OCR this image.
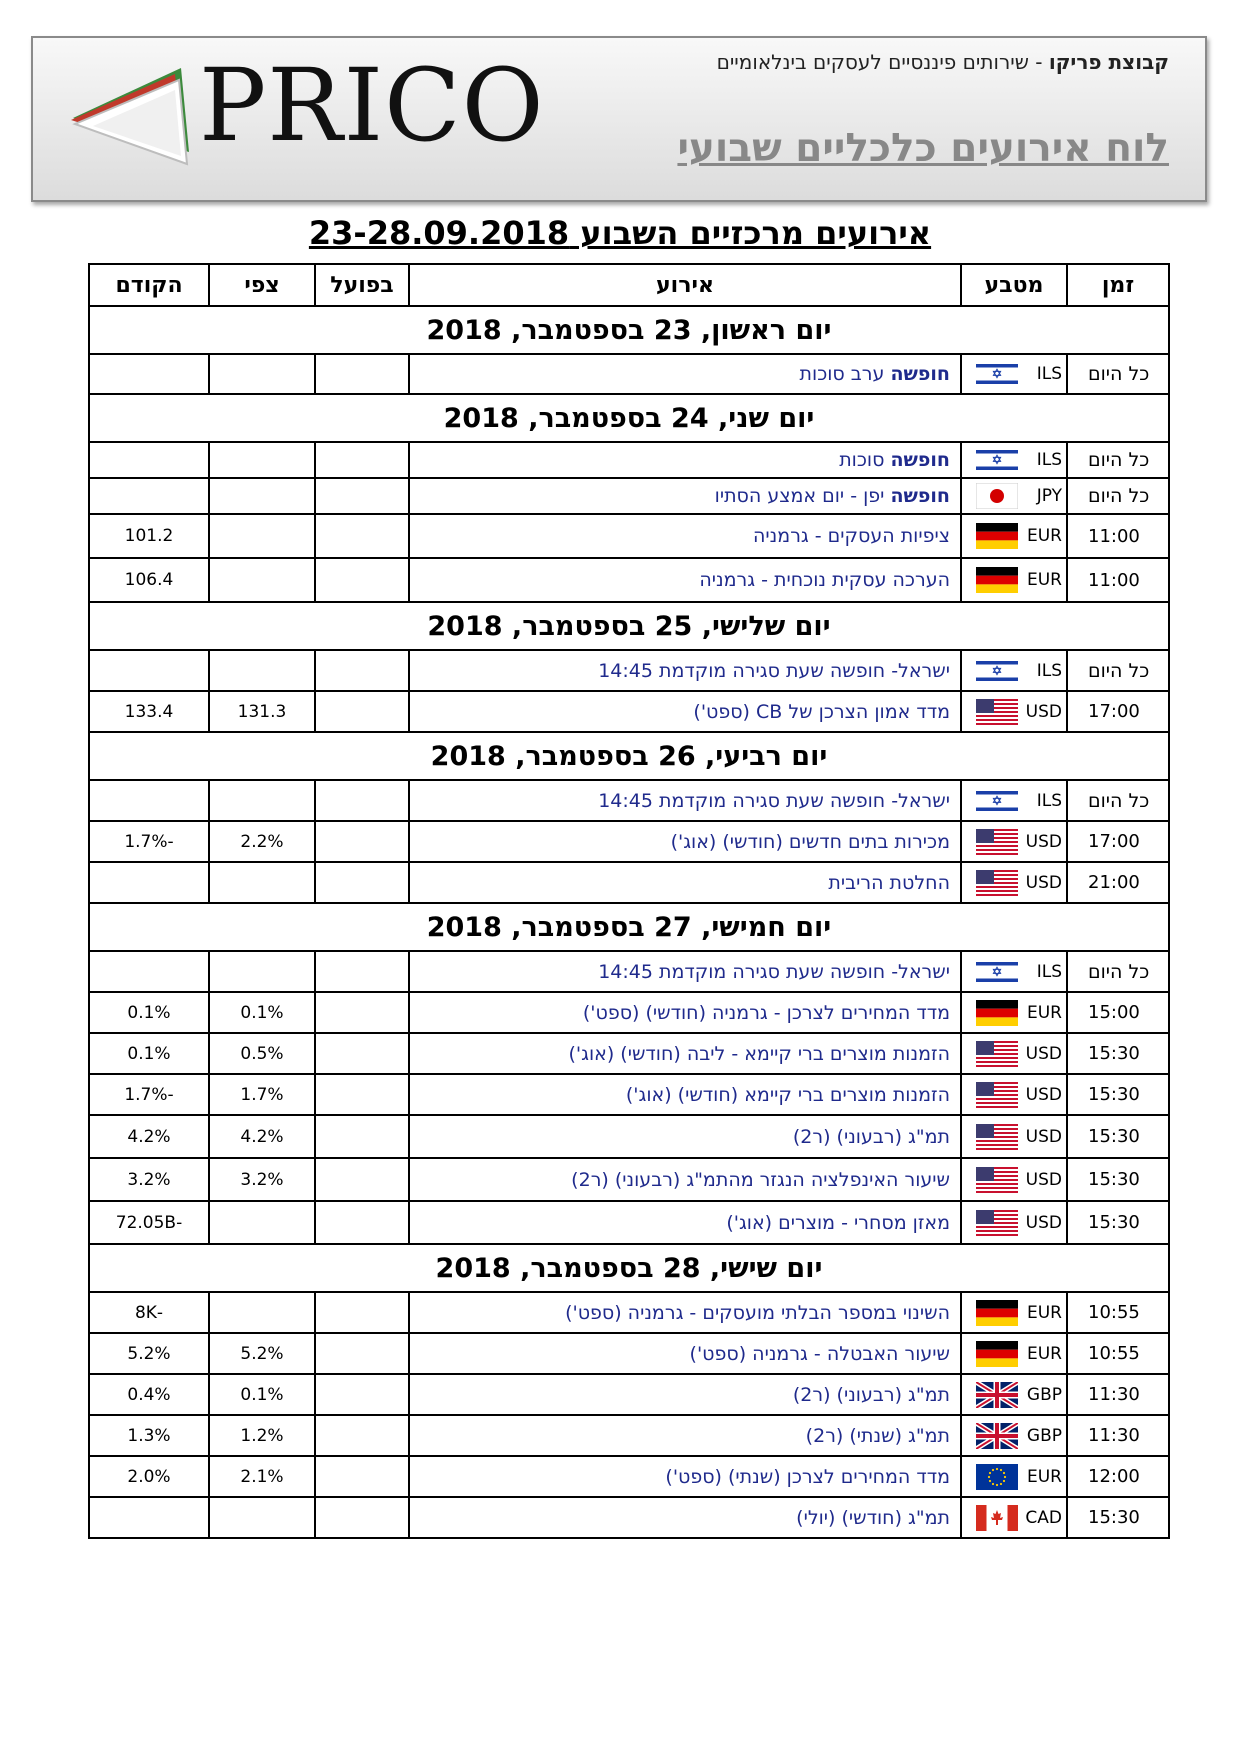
PRICO	קבוצת פריקו - שירותים פיננסיים לעסקים בינלאומיים
לוח אירועים כלכליים שבועי
אירועים מרכזיים השבוע 23-28.09.2018
זמן	מטבע	אירוע	בפועל	צפי	הקודם
יום ראשון, 23 בספטמבר, 2018					
כל היום	ILS	חופשה ערב סוכות			
יום שני, 24 בספטמבר, 2018					
כל היום	ILS	חופשה סוכות			
כל היום	JPY	חופשה יפן - יום אמצע הסתיו			
11:00	EUR	ציפיות העסקים - גרמניה			101.2
11:00	EUR	הערכה עסקית נוכחית - גרמניה			106.4
יום שלישי, 25 בספטמבר, 2018					
כל היום	ILS	ישראל- חופשה שעת סגירה מוקדמת 14:45			
17:00	USD	מדד אמון הצרכן של CB (ספט')		131.3	133.4
יום רביעי, 26 בספטמבר, 2018					
כל היום	ILS	ישראל- חופשה שעת סגירה מוקדמת 14:45			
17:00	USD	מכירות בתים חדשים (חודשי) (אוג')		2.2%	-1.7%
21:00	USD	החלטת הריבית			
יום חמישי, 27 בספטמבר, 2018					
כל היום	ILS	ישראל- חופשה שעת סגירה מוקדמת 14:45			
15:00	EUR	מדד המחירים לצרכן - גרמניה (חודשי) (ספט')		0.1%	0.1%
15:30	USD	הזמנות מוצרים ברי קיימא - ליבה (חודשי) (אוג')		0.5%	0.1%
15:30	USD	הזמנות מוצרים ברי קיימא (חודשי) (אוג')		1.7%	-1.7%
15:30	USD	תמ"ג (רבעוני) (ר2)		4.2%	4.2%
15:30	USD	שיעור האינפלציה הנגזר מהתמ"ג (רבעוני) (ר2)		3.2%	3.2%
15:30	USD	מאזן מסחרי - מוצרים (אוג')			-72.05B
יום שישי, 28 בספטמבר, 2018					
10:55	EUR	השינוי במספר הבלתי מועסקים - גרמניה (ספט')			-8K
10:55	EUR	שיעור האבטלה - גרמניה (ספט')		5.2%	5.2%
11:30	GBP	תמ"ג (רבעוני) (ר2)		0.1%	0.4%
11:30	GBP	תמ"ג (שנתי) (ר2)		1.2%	1.3%
12:00	EUR	מדד המחירים לצרכן (שנתי) (ספט')		2.1%	2.0%
15:30	CAD	תמ"ג (חודשי) (יולי)			
